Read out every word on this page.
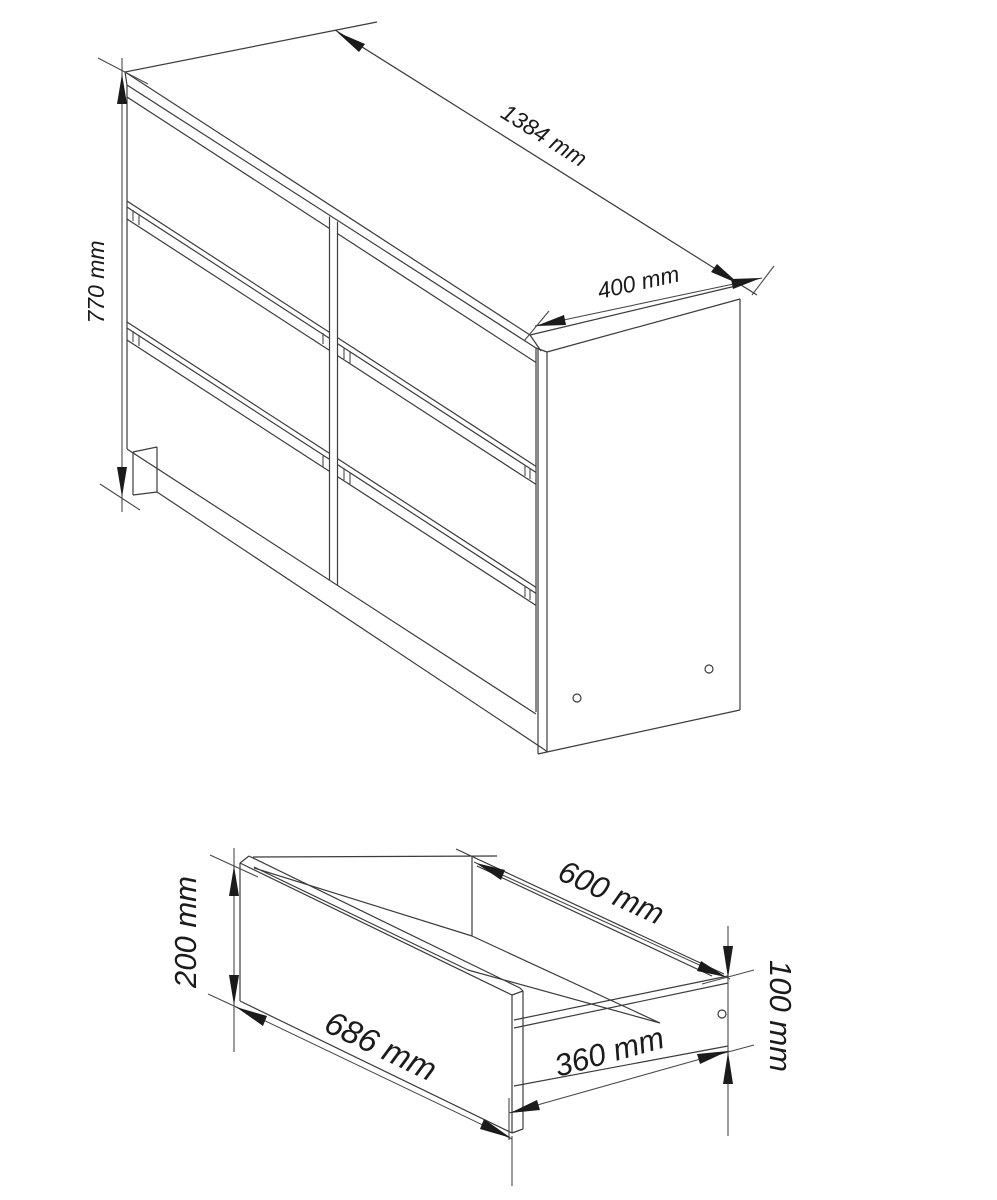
770 mm
1384 mm
400 mm
200 mm
686 mm
600 mm
360 mm	100 mm
